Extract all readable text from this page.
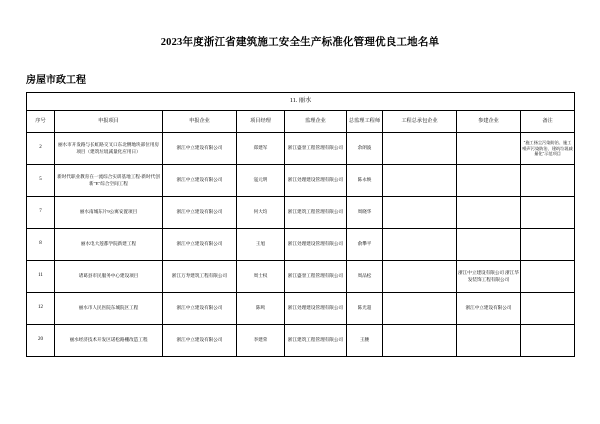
2023年度浙江省建筑施工安全生产标准化管理优良工地名单
房屋市政工程
11. 丽水								
序号	申报项目	申报企业	项目经理	监理企业	总监理工程师	工程总承包企业	参建企业	备注
2	丽水市开发路与长虹路交叉口东北侧地块部位用房项目（建筑垃圾减量化应用日）	浙江中立建设有限公司	郑建军	浙江盛誉工程管理有限公司	余朗波			"施工扬尘污染防治、施工噪声污染防治、建筑垃圾减量化"示范项目
5	新时代职业教育在一流综合实训基地工程-新时代创新"E"综合空间工程	浙江中立建设有限公司	寇元明	浙江处理建设管理有限公司	陈永焕			
7	丽水南城东片9公寓安置项目	浙江中立建设有限公司	何大均	浙江建筑工程管理有限公司	周晓华			
8	丽水电大莲都学院新建工程	浙江中立建设有限公司	王旭	浙江处理建设管理有限公司	俞攀平			
11	诸葛县市民服务中心建设项目	浙江万寿建筑工程有限公司	周士权	浙江盛誉工程管理有限公司	周品松		浙江中立建设有限公司 浙江华发装饰工程有限公司	
12	丽水市人民医院东城院区工程	浙江中立建设有限公司	陈鸣	浙江处理建设管理有限公司	陈光超		浙江中立建设有限公司	
20	丽水经济技术开发区诺松路棚改造工程	浙江中立建设有限公司	李建荣	浙江建筑工程管理有限公司	王腰			
